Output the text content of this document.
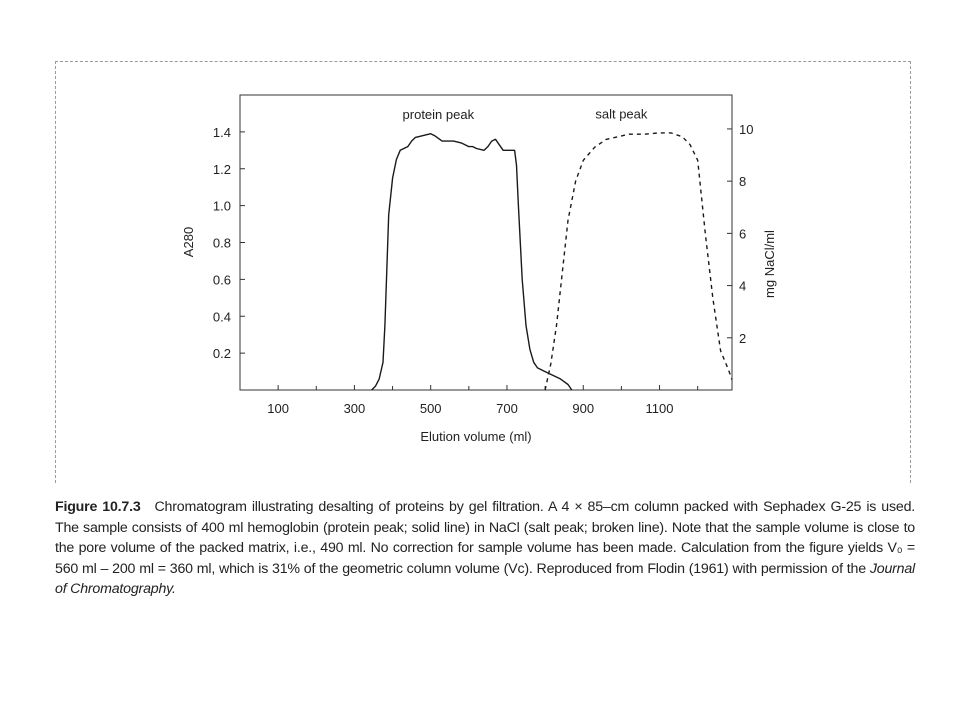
100	300	500	700	900	1100
0.2
0.4
0.6
0.8
1.0
1.2
1.4
2
4
6
8
10
protein peak	salt peak
Elution volume (ml)
A280	mg NaCl/ml
Figure 10.7.3 Chromatogram illustrating desalting of proteins by gel filtration. A 4 × 85–cm column packed with Sephadex G-25 is used. The sample consists of 400 ml hemoglobin (protein peak; solid line) in NaCl (salt peak; broken line). Note that the sample volume is close to the pore volume of the packed matrix, i.e., 490 ml. No correction for sample volume has been made. Calculation from the figure yields V₀ = 560 ml – 200 ml = 360 ml, which is 31% of the geometric column volume (Vc). Reproduced from Flodin (1961) with permission of the Journal of Chromatography.
